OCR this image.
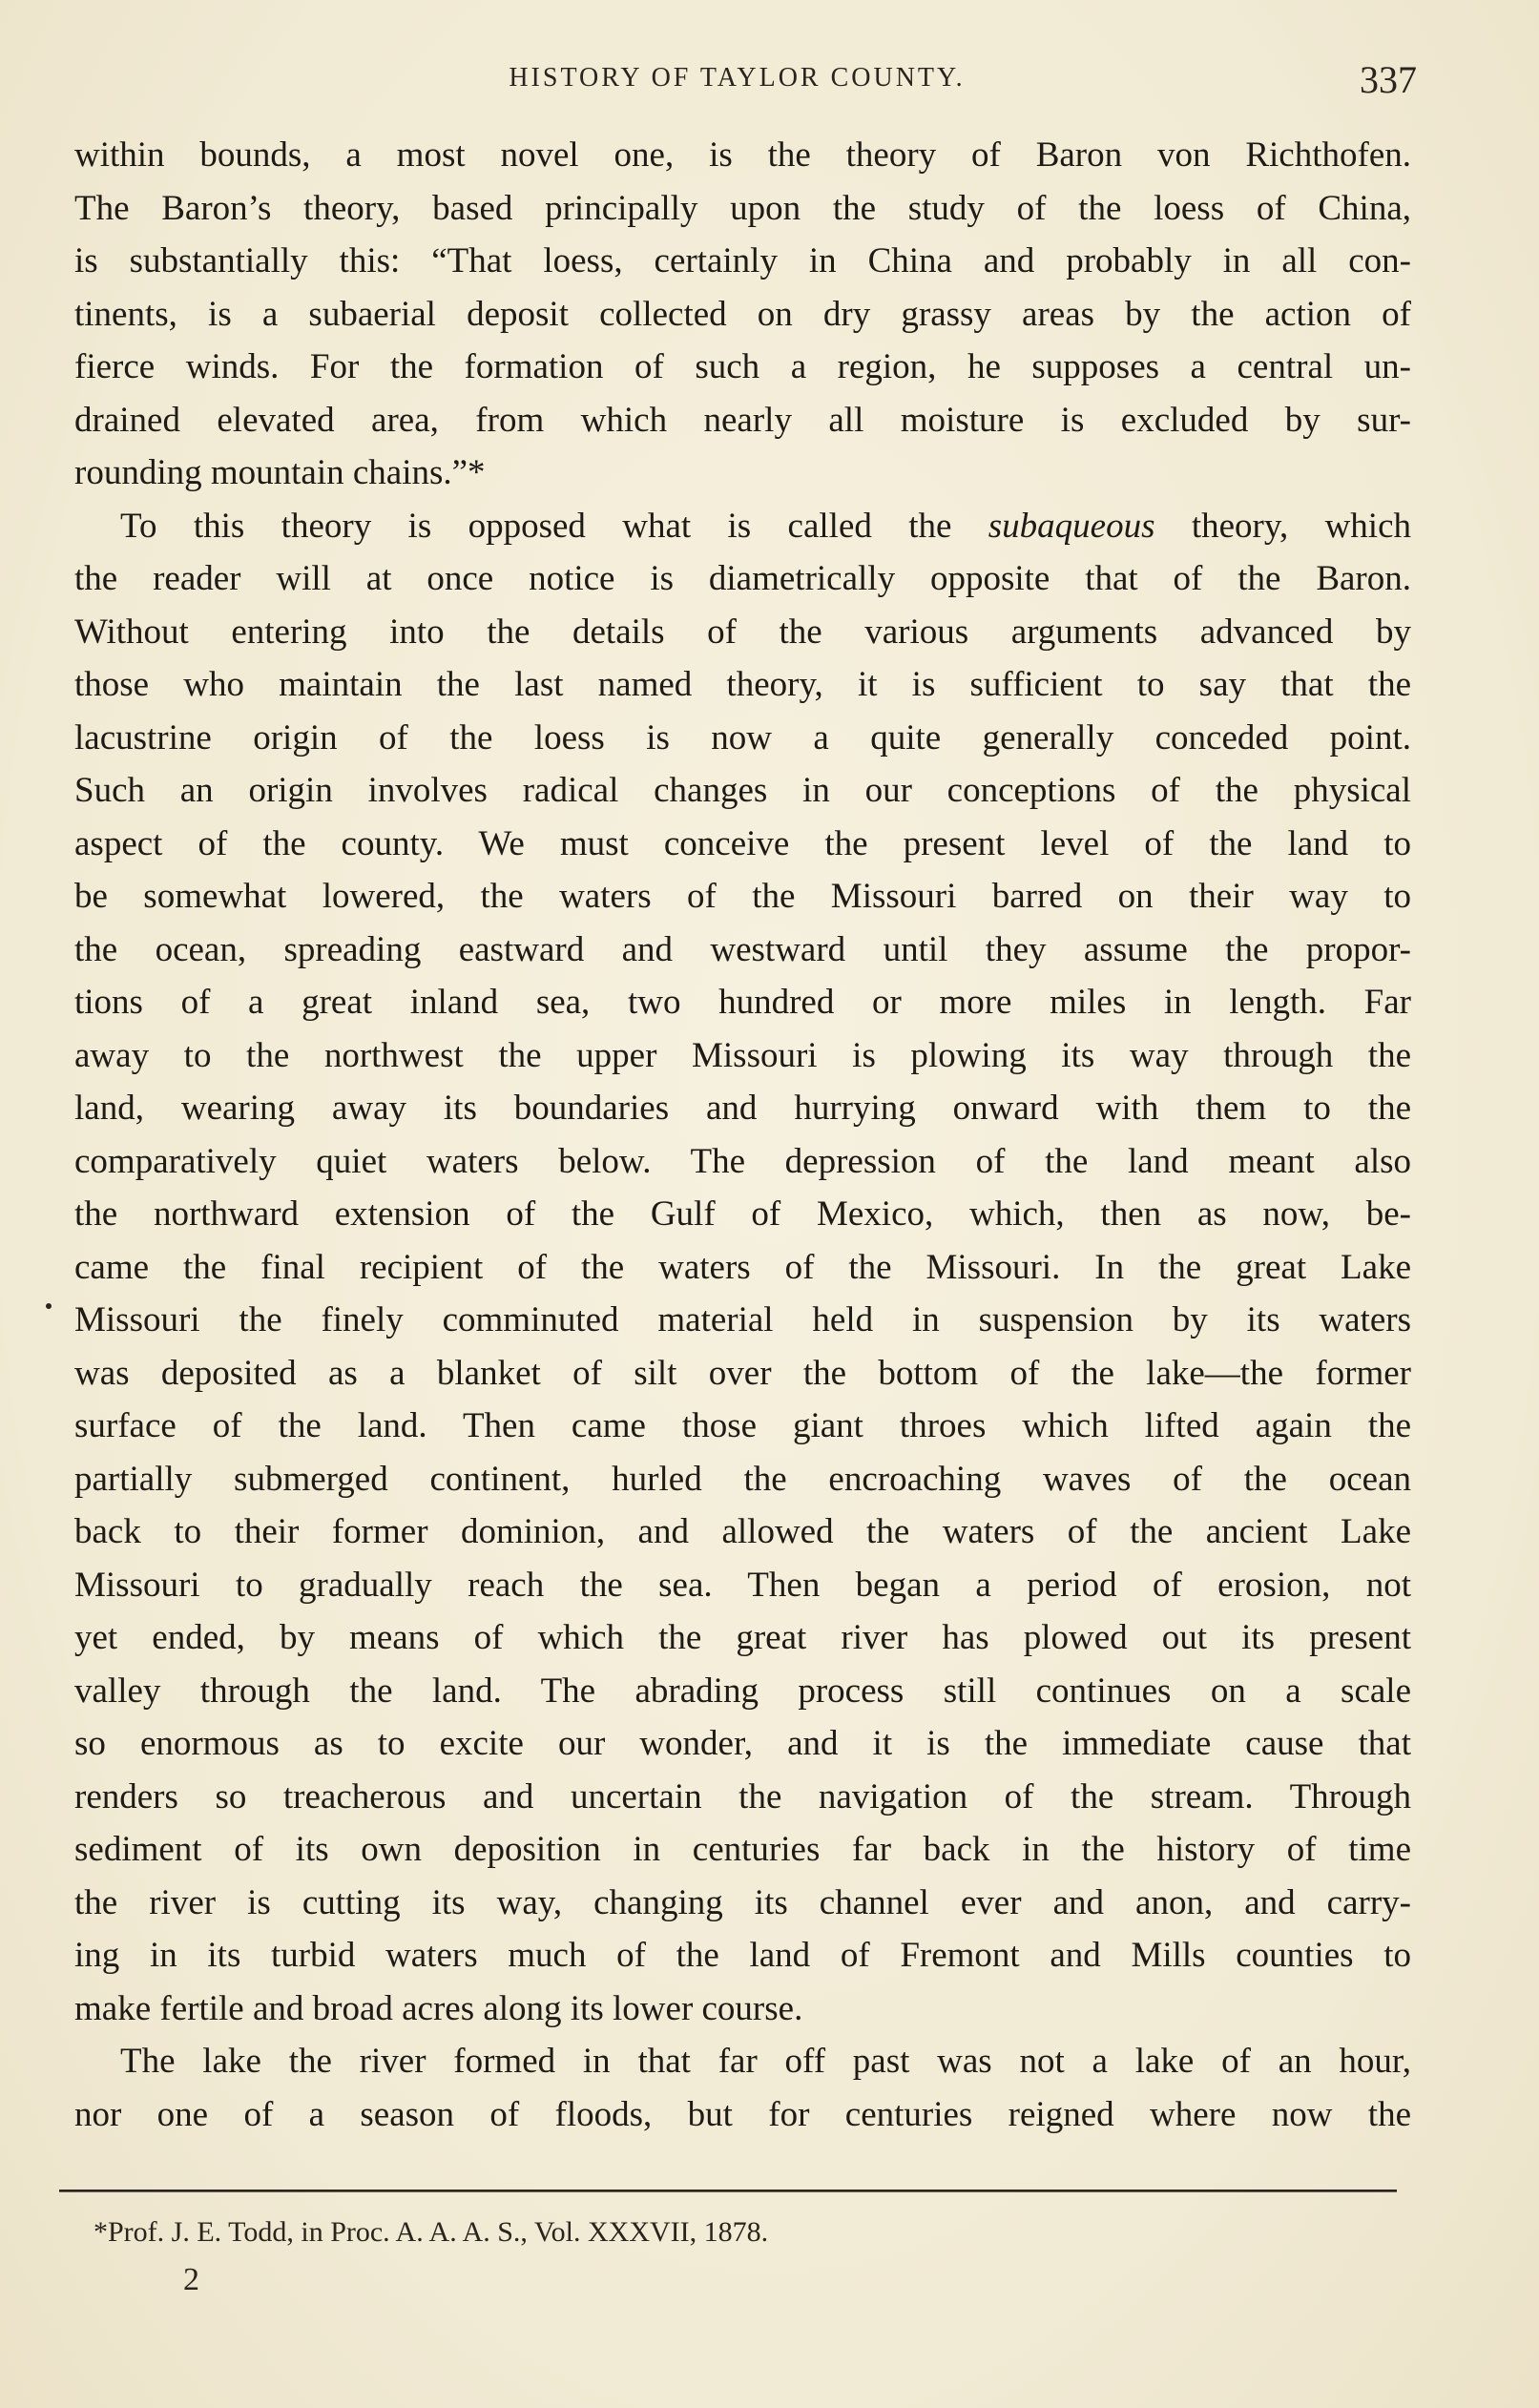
HISTORY OF TAYLOR COUNTY.	337
within bounds, a most novel one, is the theory of Baron von Richthofen.
The Baron’s theory, based principally upon the study of the loess of China,
is substantially this: “That loess, certainly in China and probably in all con-
tinents, is a subaerial deposit collected on dry grassy areas by the action of
fierce winds. For the formation of such a region, he supposes a central un-
drained elevated area, from which nearly all moisture is excluded by sur-
rounding mountain chains.”*
To this theory is opposed what is called the subaqueous theory, which
the reader will at once notice is diametrically opposite that of the Baron.
Without entering into the details of the various arguments advanced by
those who maintain the last named theory, it is sufficient to say that the
lacustrine origin of the loess is now a quite generally conceded point.
Such an origin involves radical changes in our conceptions of the physical
aspect of the county. We must conceive the present level of the land to
be somewhat lowered, the waters of the Missouri barred on their way to
the ocean, spreading eastward and westward until they assume the propor-
tions of a great inland sea, two hundred or more miles in length. Far
away to the northwest the upper Missouri is plowing its way through the
land, wearing away its boundaries and hurrying onward with them to the
comparatively quiet waters below. The depression of the land meant also
the northward extension of the Gulf of Mexico, which, then as now, be-
came the final recipient of the waters of the Missouri. In the great Lake
Missouri the finely comminuted material held in suspension by its waters
was deposited as a blanket of silt over the bottom of the lake—the former
surface of the land. Then came those giant throes which lifted again the
partially submerged continent, hurled the encroaching waves of the ocean
back to their former dominion, and allowed the waters of the ancient Lake
Missouri to gradually reach the sea. Then began a period of erosion, not
yet ended, by means of which the great river has plowed out its present
valley through the land. The abrading process still continues on a scale
so enormous as to excite our wonder, and it is the immediate cause that
renders so treacherous and uncertain the navigation of the stream. Through
sediment of its own deposition in centuries far back in the history of time
the river is cutting its way, changing its channel ever and anon, and carry-
ing in its turbid waters much of the land of Fremont and Mills counties to
make fertile and broad acres along its lower course.
The lake the river formed in that far off past was not a lake of an hour,
nor one of a season of floods, but for centuries reigned where now the
*Prof. J. E. Todd, in Proc. A. A. A. S., Vol. XXXVII, 1878.
2
